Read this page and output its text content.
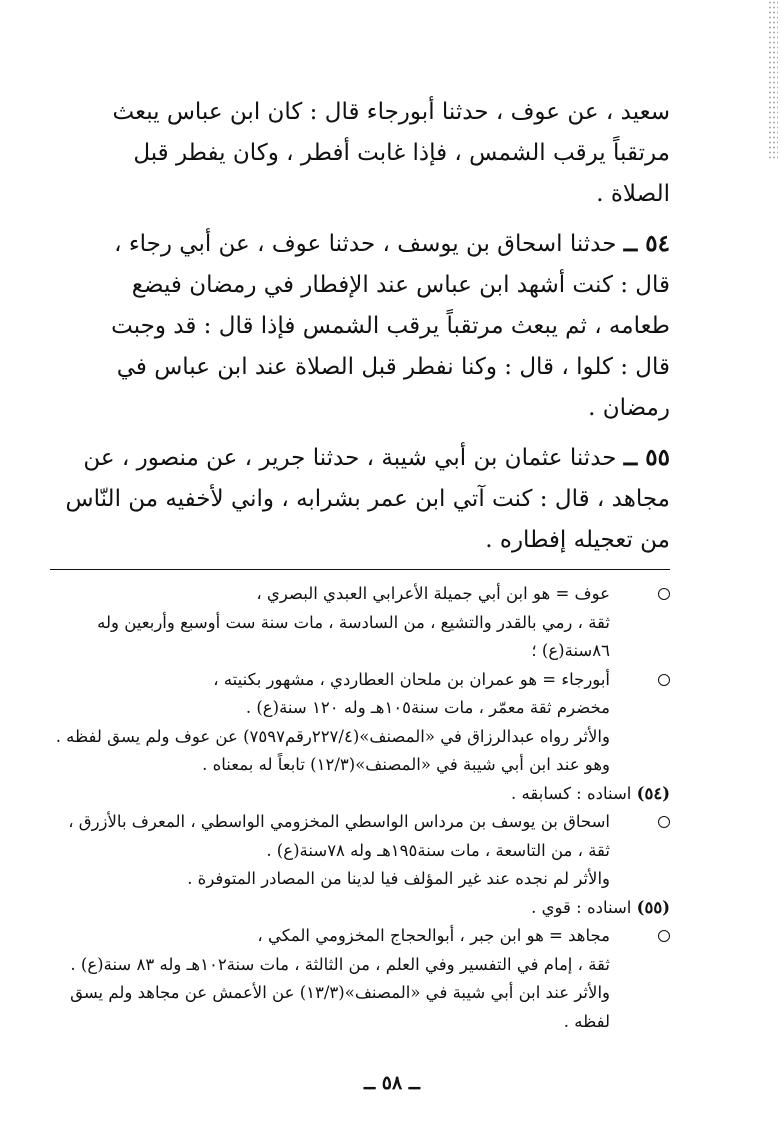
سعيد ، عن عوف ، حدثنا أبورجاء قال : كان ابن عباس يبعث
مرتقباً يرقب الشمس ، فإذا غابت أفطر ، وكان يفطر قبل
الصلاة .

٥٤ ــ حدثنا اسحاق بن يوسف ، حدثنا عوف ، عن أبي رجاء ،
قال : كنت أشهد ابن عباس عند الإفطار في رمضان فيضع
طعامه ، ثم يبعث مرتقباً يرقب الشمس فإذا قال : قد وجبت
قال : كلوا ، قال : وكنا نفطر قبل الصلاة عند ابن عباس في
رمضان .

٥٥ ــ حدثنا عثمان بن أبي شيبة ، حدثنا جرير ، عن منصور ، عن
مجاهد ، قال : كنت آتي ابن عمر بشرابه ، واني لأخفيه من النّاس
من تعجيله إفطاره .

عوف = هو ابن أبي جميلة الأعرابي العبدي البصري ،
ثقة ، رمي بالقدر والتشيع ، من السادسة ، مات سنة ست أوسبع وأربعين وله
٨٦سنة(ع) ؛
أبورجاء = هو عمران بن ملحان العطاردي ، مشهور بكنيته ،
مخضرم ثقة معمّر ، مات سنة١٠٥هـ وله ١٢٠ سنة(ع) .
والأثر رواه عبدالرزاق في «المصنف»(٢٢٧/٤رقم٧٥٩٧) عن عوف ولم يسق لفظه .
وهو عند ابن أبي شيبة في «المصنف»(١٢/٣) تابعاً له بمعناه .
(٥٤) اسناده : كسابقه .
اسحاق بن يوسف بن مرداس الواسطي المخزومي الواسطي ، المعرف بالأزرق ،
ثقة ، من التاسعة ، مات سنة١٩٥هـ وله ٧٨سنة(ع) .
والأثر لم نجده عند غير المؤلف فيا لدينا من المصادر المتوفرة .
(٥٥) اسناده : قوي .
مجاهد = هو ابن جبر ، أبوالحجاج المخزومي المكي ،
ثقة ، إمام في التفسير وفي العلم ، من الثالثة ، مات سنة١٠٢هـ وله ٨٣ سنة(ع) .
والأثر عند ابن أبي شيبة في «المصنف»(١٣/٣) عن الأعمش عن مجاهد ولم يسق
لفظه .
ــ ٥٨ ــ
